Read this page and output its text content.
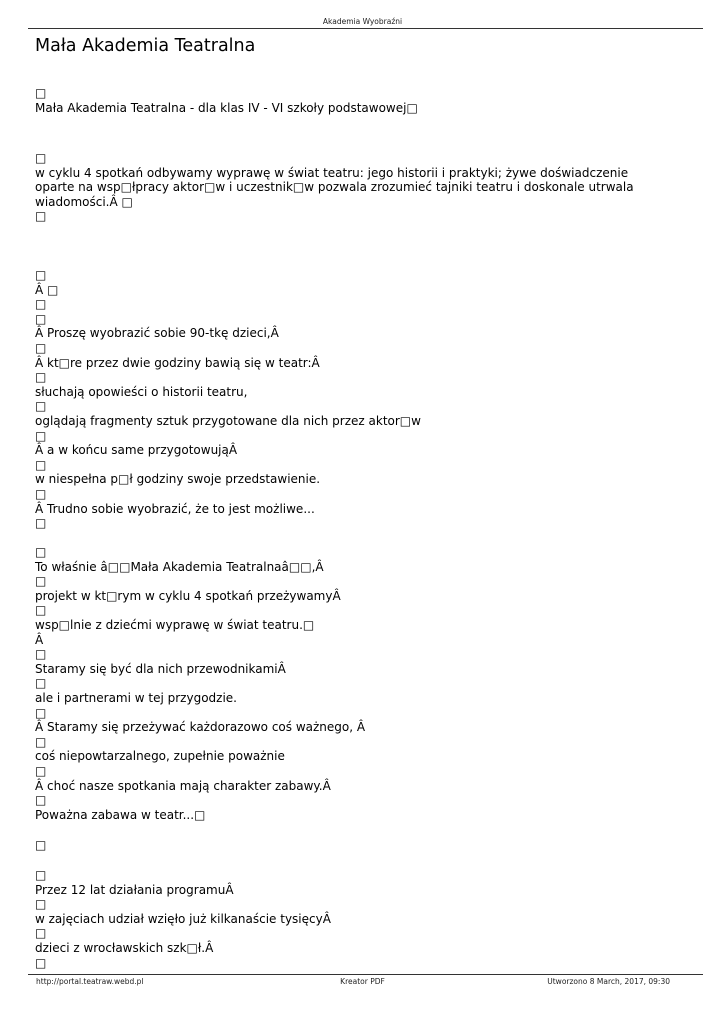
Akademia Wyobraźni
Mała Akademia Teatralna
□
Mała Akademia Teatralna - dla klas IV - VI szkoły podstawowej□
□
w cyklu 4 spotkań odbywamy wyprawę w świat teatru: jego historii i praktyki; żywe doświadczenie
oparte na wsp□łpracy aktor□w i uczestnik□w pozwala zrozumieć tajniki teatru i doskonale utrwala
wiadomości.Â □
□
□
Â □
□
□
Â Proszę wyobrazić sobie 90-tkę dzieci,Â
□
Â kt□re przez dwie godziny bawią się w teatr:Â
□
słuchają opowieści o historii teatru,
□
oglądają fragmenty sztuk przygotowane dla nich przez aktor□w
□
Â a w końcu same przygotowująÂ
□
w niespełna p□ł godziny swoje przedstawienie.
□
Â Trudno sobie wyobrazić, że to jest możliwe...
□
□
To właśnie â□□Mała Akademia Teatralnaâ□□,Â
□
projekt w kt□rym w cyklu 4 spotkań przeżywamyÂ
□
wsp□lnie z dziećmi wyprawę w świat teatru.□
Â
□
Staramy się być dla nich przewodnikamiÂ
□
ale i partnerami w tej przygodzie.
□
Â Staramy się przeżywać każdorazowo coś ważnego, Â
□
coś niepowtarzalnego, zupełnie poważnie
□
Â choć nasze spotkania mają charakter zabawy.Â
□
Poważna zabawa w teatr...□
□
□
Przez 12 lat działania programuÂ
□
w zajęciach udział wzięło już kilkanaście tysięcyÂ
□
dzieci z wrocławskich szk□ł.Â
□
http://portal.teatraw.webd.pl	Kreator PDF	Utworzono 8 March, 2017, 09:30
